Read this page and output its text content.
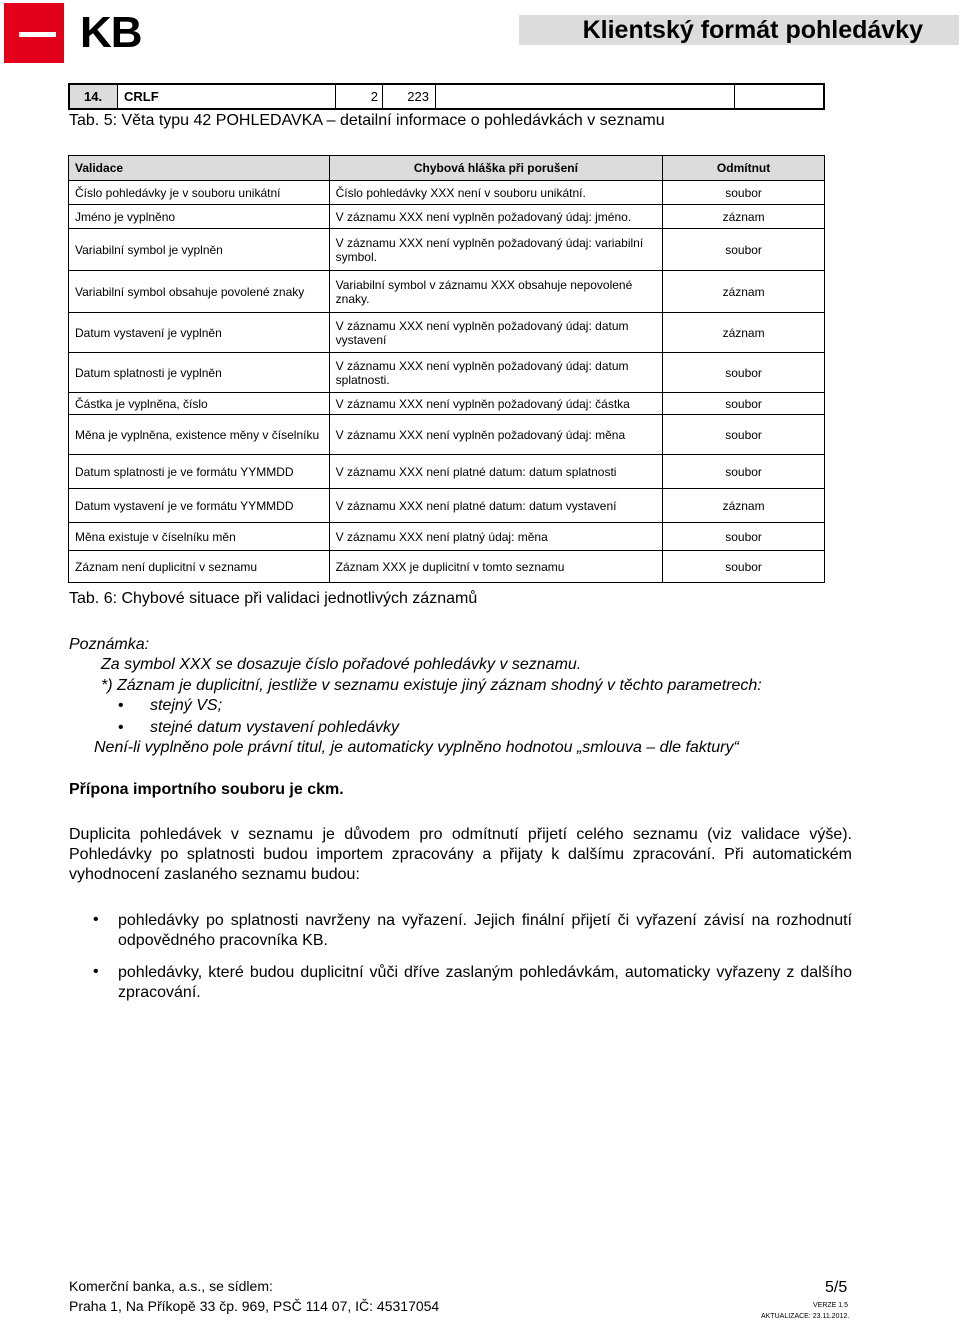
KB	Klientský formát pohledávky
14.	CRLF	2	223
Tab. 5: Věta typu 42 POHLEDAVKA – detailní informace o pohledávkách v seznamu
Validace	Chybová hláška při porušení	Odmítnut
Číslo pohledávky je v souboru unikátní	Číslo pohledávky XXX není v souboru unikátní.	soubor
Jméno je vyplněno	V záznamu XXX není vyplněn požadovaný údaj: jméno.	záznam
Variabilní symbol je vyplněn	V záznamu XXX není vyplněn požadovaný údaj: variabilní symbol.	soubor
Variabilní symbol obsahuje povolené znaky	Variabilní symbol v záznamu XXX obsahuje nepovolené znaky.	záznam
Datum vystavení je vyplněn	V záznamu XXX není vyplněn požadovaný údaj: datum vystavení	záznam
Datum splatnosti je vyplněn	V záznamu XXX není vyplněn požadovaný údaj: datum splatnosti.	soubor
Částka je vyplněna, číslo	V záznamu XXX není vyplněn požadovaný údaj: částka	soubor
Měna je vyplněna, existence měny v číselníku	V záznamu XXX není vyplněn požadovaný údaj: měna	soubor
Datum splatnosti je ve formátu YYMMDD	V záznamu XXX není platné datum: datum splatnosti	soubor
Datum vystavení je ve formátu YYMMDD	V záznamu XXX není platné datum: datum vystavení	záznam
Měna existuje v číselníku měn	V záznamu XXX není platný údaj: měna	soubor
Záznam není duplicitní v seznamu	Záznam XXX je duplicitní v tomto seznamu	soubor
Tab. 6: Chybové situace při validaci jednotlivých záznamů
Poznámka:
Za symbol XXX se dosazuje číslo pořadové pohledávky v seznamu.
*) Záznam je duplicitní, jestliže v seznamu existuje jiný záznam shodný v těchto parametrech:
• stejný VS;
• stejné datum vystavení pohledávky
Není-li vyplněno pole právní titul, je automaticky vyplněno hodnotou „smlouva – dle faktury“
Přípona importního souboru je ckm.
Duplicita pohledávek v seznamu je důvodem pro odmítnutí přijetí celého seznamu (viz validace výše). Pohledávky po splatnosti budou importem zpracovány a přijaty k dalšímu zpracování. Při automatickém vyhodnocení zaslaného seznamu budou:
• pohledávky po splatnosti navrženy na vyřazení. Jejich finální přijetí či vyřazení závisí na rozhodnutí odpovědného pracovníka KB.
• pohledávky, které budou duplicitní vůči dříve zaslaným pohledávkám, automaticky vyřazeny z dalšího zpracování.
Komerční banka, a.s., se sídlem:
Praha 1, Na Příkopě 33 čp. 969, PSČ 114 07, IČ: 45317054
5/5
VERZE 1.5
AKTUALIZACE: 23.11.2012.
